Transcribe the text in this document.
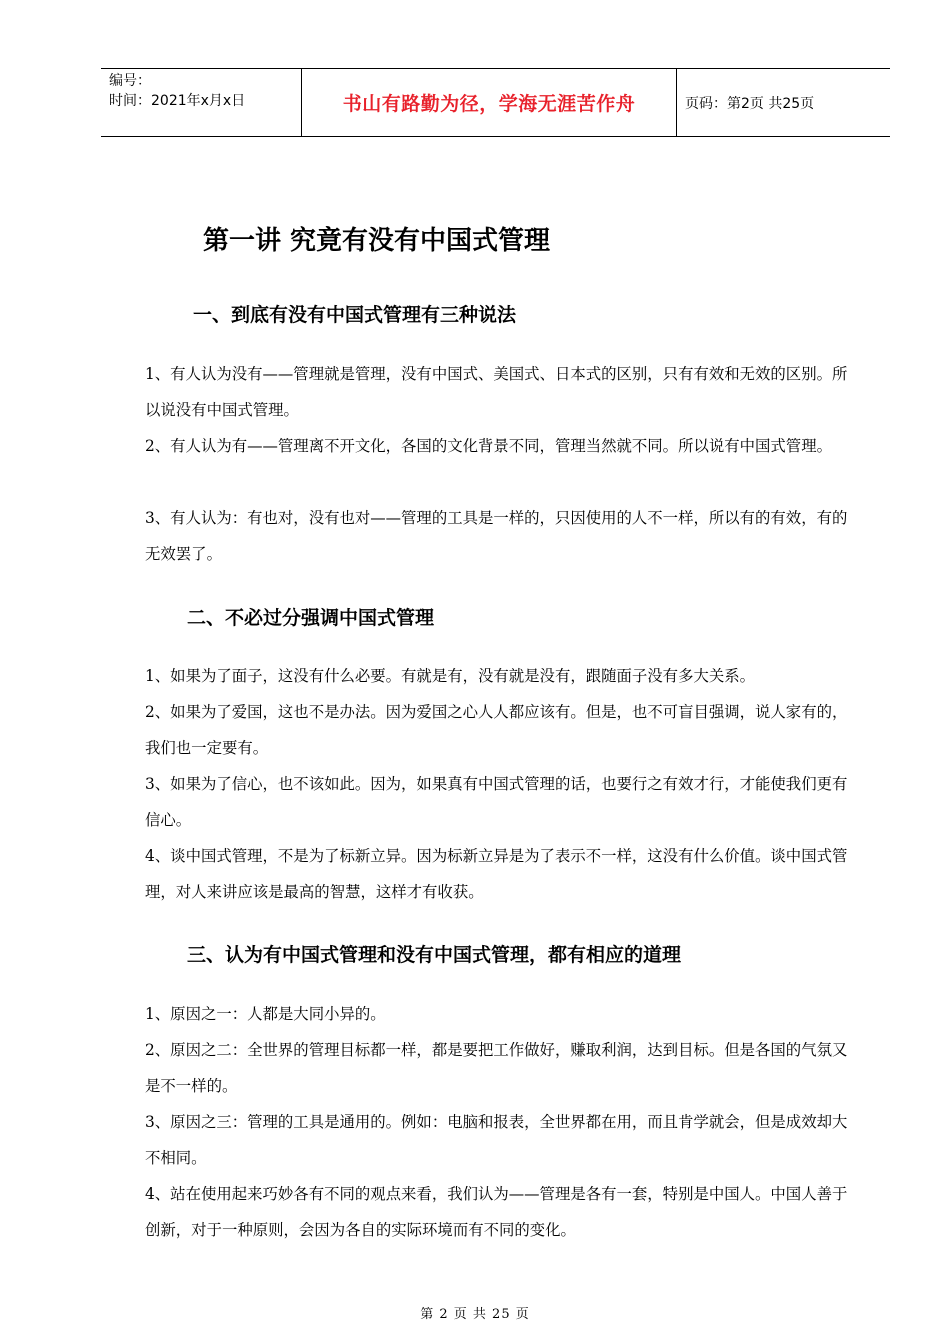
编号：
时间：2021年x月x日	书山有路勤为径，学海无涯苦作舟	页码：第2页 共25页
第一讲 究竟有没有中国式管理
一、到底有没有中国式管理有三种说法

1、有人认为没有——管理就是管理，没有中国式、美国式、日本式的区别，只有有效和无效的区别。所以说没有中国式管理。

2、有人认为有——管理离不开文化，各国的文化背景不同，管理当然就不同。所以说有中国式管理。

3、有人认为：有也对，没有也对——管理的工具是一样的，只因使用的人不一样，所以有的有效，有的无效罢了。

二、不必过分强调中国式管理

1、如果为了面子，这没有什么必要。有就是有，没有就是没有，跟随面子没有多大关系。

2、如果为了爱国，这也不是办法。因为爱国之心人人都应该有。但是，也不可盲目强调，说人家有的，我们也一定要有。

3、如果为了信心，也不该如此。因为，如果真有中国式管理的话，也要行之有效才行，才能使我们更有信心。

4、谈中国式管理，不是为了标新立异。因为标新立异是为了表示不一样，这没有什么价值。谈中国式管理，对人来讲应该是最高的智慧，这样才有收获。

三、认为有中国式管理和没有中国式管理，都有相应的道理

1、原因之一：人都是大同小异的。

2、原因之二：全世界的管理目标都一样，都是要把工作做好，赚取利润，达到目标。但是各国的气氛又是不一样的。

3、原因之三：管理的工具是通用的。例如：电脑和报表，全世界都在用，而且肯学就会，但是成效却大不相同。

4、站在使用起来巧妙各有不同的观点来看，我们认为——管理是各有一套，特别是中国人。中国人善于创新，对于一种原则，会因为各自的实际环境而有不同的变化。

第 2 页 共 25 页
